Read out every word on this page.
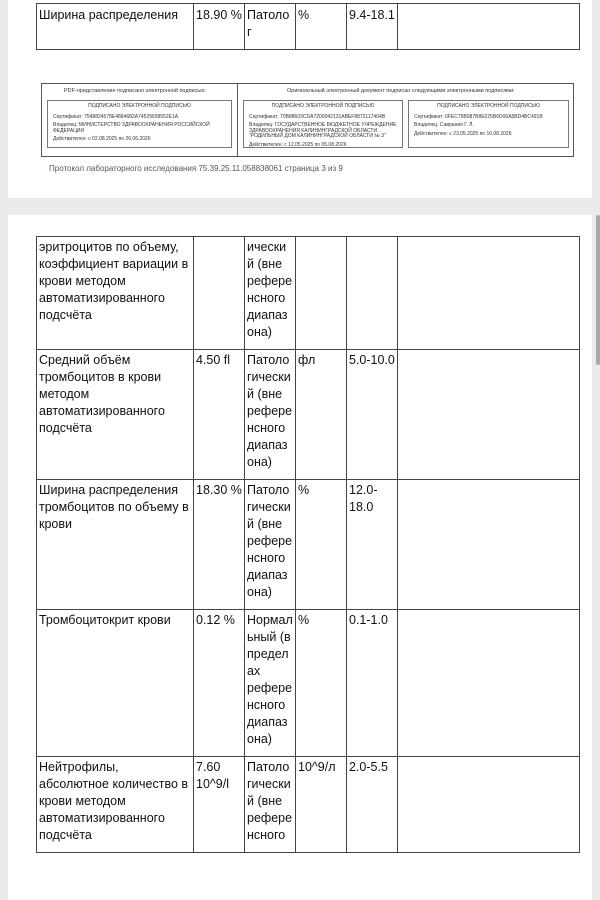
Ширина распределения	18.90 %	Патолог	%	9.4-18.1	
PDF-представление подписано электронной подписью:	Оригинальный электронный документ подписан следующими электронными подписями:
ПОДПИСАНО ЭЛЕКТРОННОЙ ПОДПИСЬЮ
Сертификат: 7548824578E4884682A74529658552E1A
Владелец: МИНИСТЕРСТВО ЗДРАВООХРАНЕНИЯ РОССИЙСКОЙ ФЕДЕРАЦИИ
Действителен: с 02.08.2025 по 26.06.2026
ПОДПИСАНО ЭЛЕКТРОННОЙ ПОДПИСЬЮ
Сертификат: 70B88603CDA7200042131ABEF8872117404B
Владелец: ГОСУДАРСТВЕННОЕ БЮДЖЕТНОЕ УЧРЕЖДЕНИЕ ЗДРАВООХРАНЕНИЯ КАЛИНИНГРАДСКОЙ ОБЛАСТИ "РОДИЛЬНЫЙ ДОМ КАЛИНИНГРАДСКОЙ ОБЛАСТИ № 3"
Действителен: с 12.05.2025 по 05.08.2026
ПОДПИСАНО ЭЛЕКТРОННОЙ ПОДПИСЬЮ
Сертификат: 6FEC75B087B8E025B6D00A5BD4BC491B
Владелец: Саврания Г. Л.
Действителен: с 23.05.2025 по 16.08.2026
Протокол лабораторного исследования 75.39.25.11.058838061 страница 3 из 9
эритроцитов по объему, коэффициент вариации в крови методом автоматизированного подсчёта		ический (вне референсного диапазона)			
Средний объём тромбоцитов в крови методом автоматизированного подсчёта	4.50 fl	Патологический (вне референсного диапазона)	фл	5.0-10.0	
Ширина распределения тромбоцитов по объему в крови	18.30 %	Патологический (вне референсного диапазона)	%	12.0-18.0	
Тромбоцитокрит крови	0.12 %	Нормальный (в пределах референсного диапазона)	%	0.1-1.0	
Нейтрофилы, абсолютное количество в крови методом автоматизированного подсчёта	7.60 10^9/l	Патологический (вне референсного	10^9/л	2.0-5.5	
